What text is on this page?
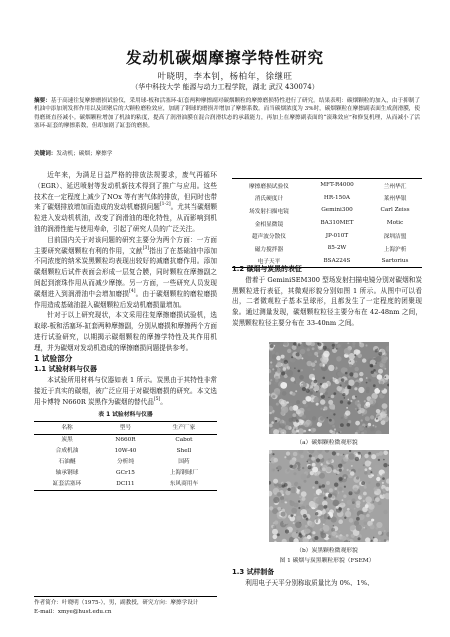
发动机碳烟摩擦学特性研究
叶晓明，李本钊，杨柏年，徐继旺
（华中科技大学 能源与动力工程学院，湖北 武汉 430074）
摘要：基于高速往复摩擦磨损试验仪，采用球-板和活塞环-缸套两种摩擦副对碳烟颗粒的摩擦磨损特性进行了研究。结果表明：碳烟颗粒的加入，由于抑制了机油中添加剂发挥作用以及团聚后的大颗粒磨粒效应，加剧了钢球的磨损并增加了摩擦系数。而当碳烟浓度为 3%时，碳烟颗粒在摩擦副表面生成润滑膜，使得磨斑直径减小。碳烟颗粒增加了机油的粘度，提高了润滑油膜在混合润滑状态的承载能力，再加上在摩擦副表面的“滚珠效应”和修复机理，从而减小了活塞环-缸套的摩擦系数，但却加剧了缸套的磨损。
关键词：发动机；碳烟；摩擦学

近年来，为满足日益严格的排放法规要求，废气再循环（EGR）、延迟喷射等发动机新技术得到了推广与应用。这些技术在一定程度上减少了NOx 等有害气体的排放，但同时也带来了碳烟排放增加而造成的发动机磨损问题[1-2]。尤其当碳烟颗粒进入发动机机油，改变了润滑油的理化特性，从而影响到机油的润滑性能与使用寿命，引起了研究人员的广泛关注。

目前国内关于对该问题的研究主要分为两个方面：一方面主要研究碳烟颗粒有利的作用，文献[3]指出了在基础油中添加不同浓度的纳米炭黑颗粒均表现出较好的减磨抗磨作用。添加碳烟颗粒后试件表面会形成一层复合膜，同时颗粒在摩擦副之间起到滚珠作用从而减少摩擦。另一方面，一些研究人员发现碳烟进入到润滑油中会增加磨损[4]。由于碳烟颗粒的磨粒磨损作用造成基础油混入碳烟颗粒后发动机磨损量增加。

针对于以上研究现状，本文采用往复摩擦磨损试验机，选取球-板和活塞环-缸套两种摩擦副，分别从磨损和摩擦两个方面进行试验研究，以期揭示碳烟颗粒的摩擦学特性及其作用机理，并为碳烟对发动机造成的摩擦磨损问题提供参考。

1 试验部分

1.1 试验材料与仪器

本试验所用材料与仪器如表 1 所示。炭黑由于其特性非常接近于真实的碳烟，被广泛应用于对碳烟磨损的研究。本文选用卡博特 N660R 炭黑作为碳烟的替代品[5]。

表 1 试验材料与仪器
名称	型号	生产厂家
炭黑	N660R	Cabot
合成机油	10W-40	Shell
石油醚	分析纯	国药
轴承钢球	GCr15	上海钢球厂
缸套活塞环	DCI11	东风商用车
摩擦磨损试验仪	MFT-R4000	兰州华汇
消氏硬度计	HR-150A	莱州华银
场发射扫描电镜	Gemini300	Carl Zeiss
金相显微镜	BA310MET	Motic
超声波分散仪	JP-010T	深圳洁盟
磁力搅拌器	85-2W	上海沪析
电子天平	BSA224S	Sartorius

1.2 碳烟与炭黑的表征

借着于 GeminiSEM300 型场发射扫描电镜分别对碳烟和炭黑颗粒进行表征，其微观形貌分别如图 1 所示。从图中可以看出，二者微观粒子基本呈球形，且都发生了一定程度的团聚现象。通过测量发现，碳烟颗粒粒径主要分布在 42-48nm 之间，炭黑颗粒粒径主要分布在 33-40nm 之间。

（a）碳烟颗粒微观形貌
（b）炭黑颗粒微观形貌
图 1 碳烟与炭黑颗粒形貌（FSEM）

1.3 试样制备

利用电子天平分别称取质量比为 0%、1%、

作者简介：叶晓明（1975-），男，副教授，研究方向：摩擦学设计
E-mail：xmye@hust.edu.cn
